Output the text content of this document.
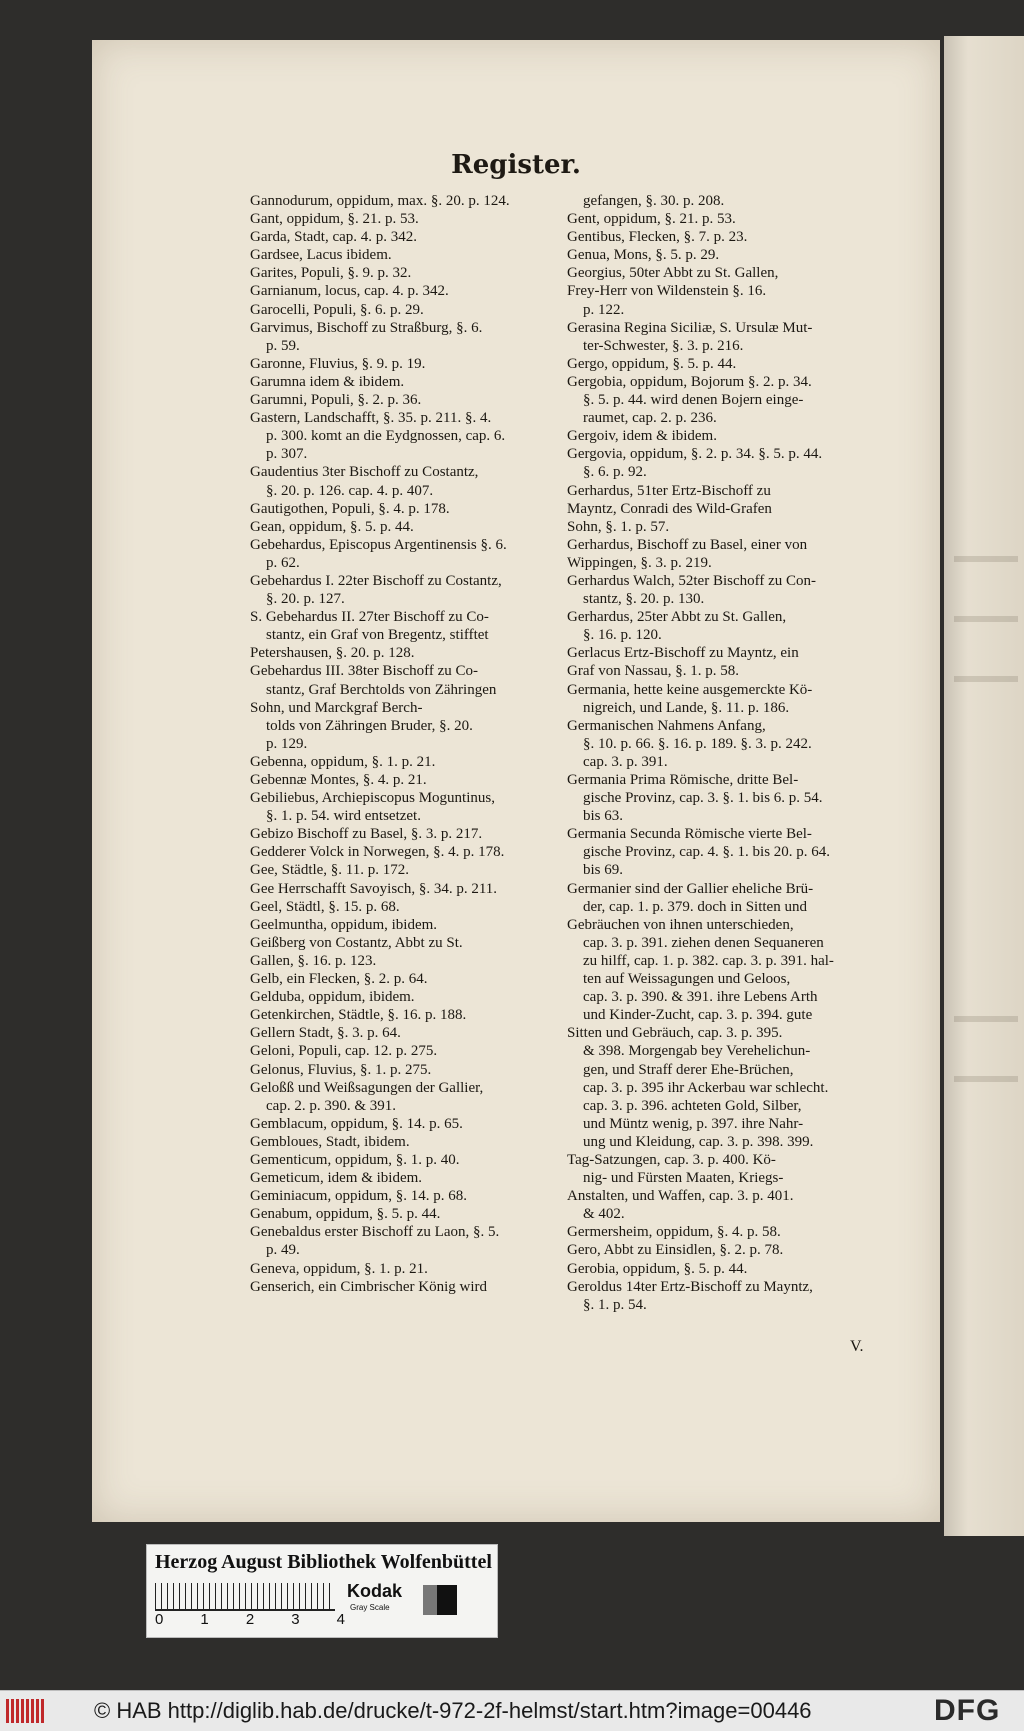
Register.
Gannodurum, oppidum, max. §. 20. p. 124.
Gant, oppidum, §. 21. p. 53.
Garda, Stadt, cap. 4. p. 342.
Gardsee, Lacus ibidem.
Garites, Populi, §. 9. p. 32.
Garnianum, locus, cap. 4. p. 342.
Garocelli, Populi, §. 6. p. 29.
Garvimus, Bischoff zu Straßburg, §. 6.
p. 59.
Garonne, Fluvius, §. 9. p. 19.
Garumna idem & ibidem.
Garumni, Populi, §. 2. p. 36.
Gastern, Landschafft, §. 35. p. 211. §. 4.
p. 300. komt an die Eydgnossen, cap. 6.
p. 307.
Gaudentius 3ter Bischoff zu Costantz,
§. 20. p. 126. cap. 4. p. 407.
Gautigothen, Populi, §. 4. p. 178.
Gean, oppidum, §. 5. p. 44.
Gebehardus, Episcopus Argentinensis §. 6.
p. 62.
Gebehardus I. 22ter Bischoff zu Costantz,
§. 20. p. 127.
S. Gebehardus II. 27ter Bischoff zu Co-
stantz, ein Graf von Bregentz, stifftet
Petershausen, §. 20. p. 128.
Gebehardus III. 38ter Bischoff zu Co-
stantz, Graf Berchtolds von Zähringen
Sohn, und Marckgraf Berch-
tolds von Zähringen Bruder, §. 20.
p. 129.
Gebenna, oppidum, §. 1. p. 21.
Gebennæ Montes, §. 4. p. 21.
Gebiliebus, Archiepiscopus Moguntinus,
§. 1. p. 54. wird entsetzet.
Gebizo Bischoff zu Basel, §. 3. p. 217.
Gedderer Volck in Norwegen, §. 4. p. 178.
Gee, Städtle, §. 11. p. 172.
Gee Herrschafft Savoyisch, §. 34. p. 211.
Geel, Städtl, §. 15. p. 68.
Geelmuntha, oppidum, ibidem.
Geißberg von Costantz, Abbt zu St.
Gallen, §. 16. p. 123.
Gelb, ein Flecken, §. 2. p. 64.
Gelduba, oppidum, ibidem.
Getenkirchen, Städtle, §. 16. p. 188.
Gellern Stadt, §. 3. p. 64.
Geloni, Populi, cap. 12. p. 275.
Gelonus, Fluvius, §. 1. p. 275.
Geloßß und Weißsagungen der Gallier,
cap. 2. p. 390. & 391.
Gemblacum, oppidum, §. 14. p. 65.
Gembloues, Stadt, ibidem.
Gementicum, oppidum, §. 1. p. 40.
Gemeticum, idem & ibidem.
Geminiacum, oppidum, §. 14. p. 68.
Genabum, oppidum, §. 5. p. 44.
Genebaldus erster Bischoff zu Laon, §. 5.
p. 49.
Geneva, oppidum, §. 1. p. 21.
Genserich, ein Cimbrischer König wird
gefangen, §. 30. p. 208.
Gent, oppidum, §. 21. p. 53.
Gentibus, Flecken, §. 7. p. 23.
Genua, Mons, §. 5. p. 29.
Georgius, 50ter Abbt zu St. Gallen,
Frey-Herr von Wildenstein §. 16.
p. 122.
Gerasina Regina Siciliæ, S. Ursulæ Mut-
ter-Schwester, §. 3. p. 216.
Gergo, oppidum, §. 5. p. 44.
Gergobia, oppidum, Bojorum §. 2. p. 34.
§. 5. p. 44. wird denen Bojern einge-
raumet, cap. 2. p. 236.
Gergoiv, idem & ibidem.
Gergovia, oppidum, §. 2. p. 34. §. 5. p. 44.
§. 6. p. 92.
Gerhardus, 51ter Ertz-Bischoff zu
Mayntz, Conradi des Wild-Grafen
Sohn, §. 1. p. 57.
Gerhardus, Bischoff zu Basel, einer von
Wippingen, §. 3. p. 219.
Gerhardus Walch, 52ter Bischoff zu Con-
stantz, §. 20. p. 130.
Gerhardus, 25ter Abbt zu St. Gallen,
§. 16. p. 120.
Gerlacus Ertz-Bischoff zu Mayntz, ein
Graf von Nassau, §. 1. p. 58.
Germania, hette keine ausgemerckte Kö-
nigreich, und Lande, §. 11. p. 186.
Germanischen Nahmens Anfang,
§. 10. p. 66. §. 16. p. 189. §. 3. p. 242.
cap. 3. p. 391.
Germania Prima Römische, dritte Bel-
gische Provinz, cap. 3. §. 1. bis 6. p. 54.
bis 63.
Germania Secunda Römische vierte Bel-
gische Provinz, cap. 4. §. 1. bis 20. p. 64.
bis 69.
Germanier sind der Gallier eheliche Brü-
der, cap. 1. p. 379. doch in Sitten und
Gebräuchen von ihnen unterschieden,
cap. 3. p. 391. ziehen denen Sequaneren
zu hilff, cap. 1. p. 382. cap. 3. p. 391. hal-
ten auf Weissagungen und Geloos,
cap. 3. p. 390. & 391. ihre Lebens Arth
und Kinder-Zucht, cap. 3. p. 394. gute
Sitten und Gebräuch, cap. 3. p. 395.
& 398. Morgengab bey Verehelichun-
gen, und Straff derer Ehe-Brüchen,
cap. 3. p. 395 ihr Ackerbau war schlecht.
cap. 3. p. 396. achteten Gold, Silber,
und Müntz wenig, p. 397. ihre Nahr-
ung und Kleidung, cap. 3. p. 398. 399.
Tag-Satzungen, cap. 3. p. 400. Kö-
nig- und Fürsten Maaten, Kriegs-
Anstalten, und Waffen, cap. 3. p. 401.
& 402.
Germersheim, oppidum, §. 4. p. 58.
Gero, Abbt zu Einsidlen, §. 2. p. 78.
Gerobia, oppidum, §. 5. p. 44.
Geroldus 14ter Ertz-Bischoff zu Mayntz,
§. 1. p. 54.
V.
Herzog August Bibliothek Wolfenbüttel
0 1 2 3 4
Kodak
Gray Scale
© HAB http://diglib.hab.de/drucke/t-972-2f-helmst/start.htm?image=00446	DFG
